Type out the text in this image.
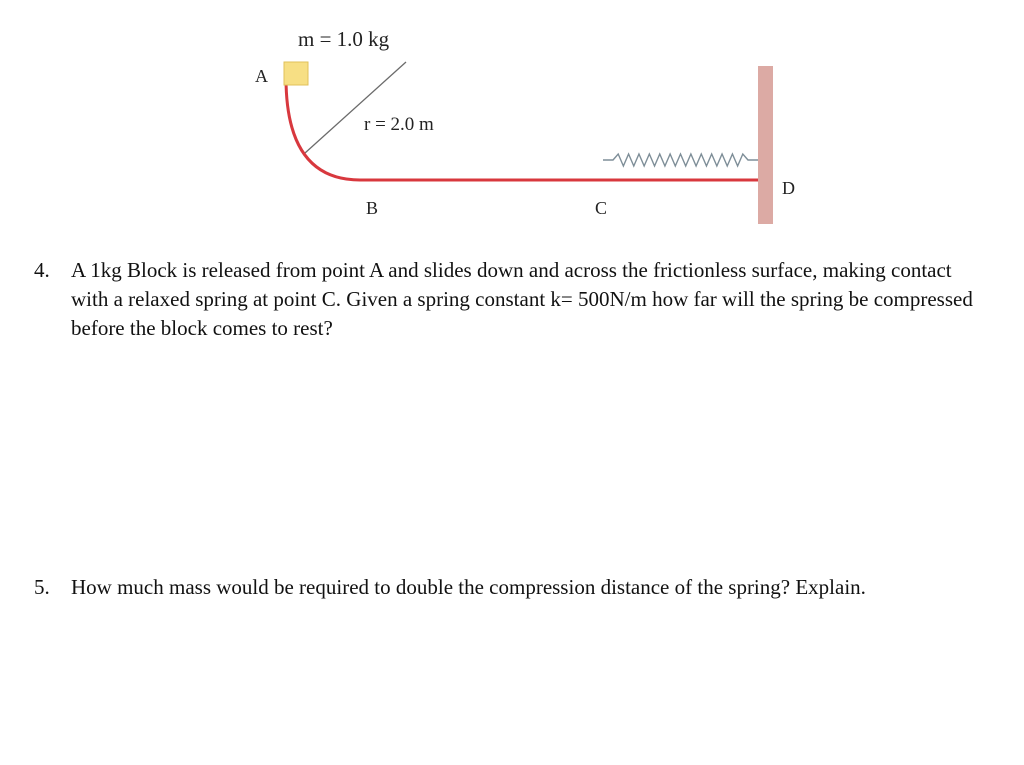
m = 1.0 kg
r = 2.0 m
A
B	C
D
4. A 1kg Block is released from point A and slides down and across the frictionless surface, making contact with a relaxed spring at point C. Given a spring constant k= 500N/m how far will the spring be compressed before the block comes to rest?
5. How much mass would be required to double the compression distance of the spring? Explain.
